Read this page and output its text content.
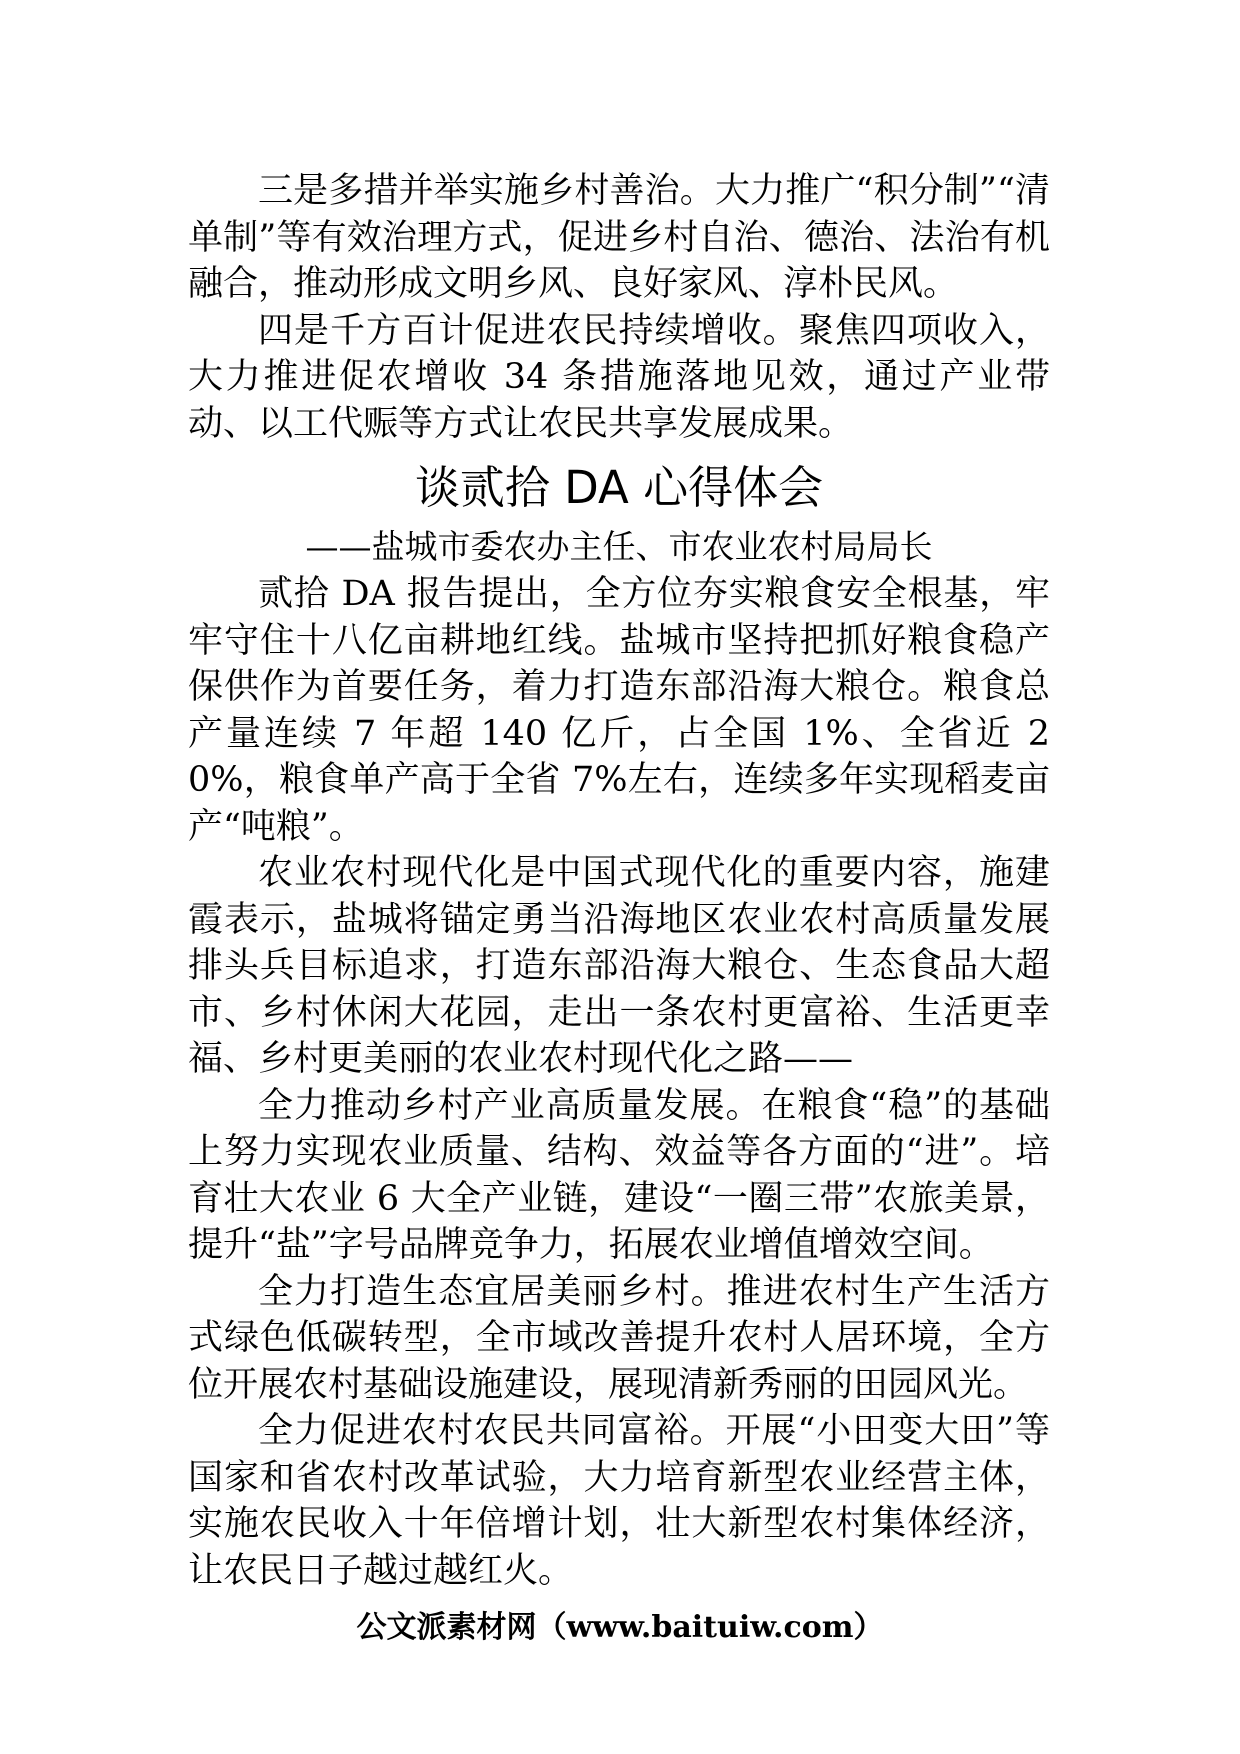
三是多措并举实施乡村善治。大力推广“积分制”“清单制”等有效治理方式，促进乡村自治、德治、法治有机融合，推动形成文明乡风、良好家风、淳朴民风。

四是千方百计促进农民持续增收。聚焦四项收入，大力推进促农增收 34 条措施落地见效，通过产业带动、以工代赈等方式让农民共享发展成果。

谈贰拾 DA 心得体会
——盐城市委农办主任、市农业农村局局长

贰拾 DA 报告提出，全方位夯实粮食安全根基，牢牢守住十八亿亩耕地红线。盐城市坚持把抓好粮食稳产保供作为首要任务，着力打造东部沿海大粮仓。粮食总产量连续 7 年超 140 亿斤，占全国 1%、全省近 20%，粮食单产高于全省 7%左右，连续多年实现稻麦亩产“吨粮”。

农业农村现代化是中国式现代化的重要内容，施建霞表示，盐城将锚定勇当沿海地区农业农村高质量发展排头兵目标追求，打造东部沿海大粮仓、生态食品大超市、乡村休闲大花园，走出一条农村更富裕、生活更幸福、乡村更美丽的农业农村现代化之路——

全力推动乡村产业高质量发展。在粮食“稳”的基础上努力实现农业质量、结构、效益等各方面的“进”。培育壮大农业 6 大全产业链，建设“一圈三带”农旅美景，提升“盐”字号品牌竞争力，拓展农业增值增效空间。

全力打造生态宜居美丽乡村。推进农村生产生活方式绿色低碳转型，全市域改善提升农村人居环境，全方位开展农村基础设施建设，展现清新秀丽的田园风光。

全力促进农村农民共同富裕。开展“小田变大田”等国家和省农村改革试验，大力培育新型农业经营主体，实施农民收入十年倍增计划，壮大新型农村集体经济，让农民日子越过越红火。

公文派素材网（www.baituiw.com）
